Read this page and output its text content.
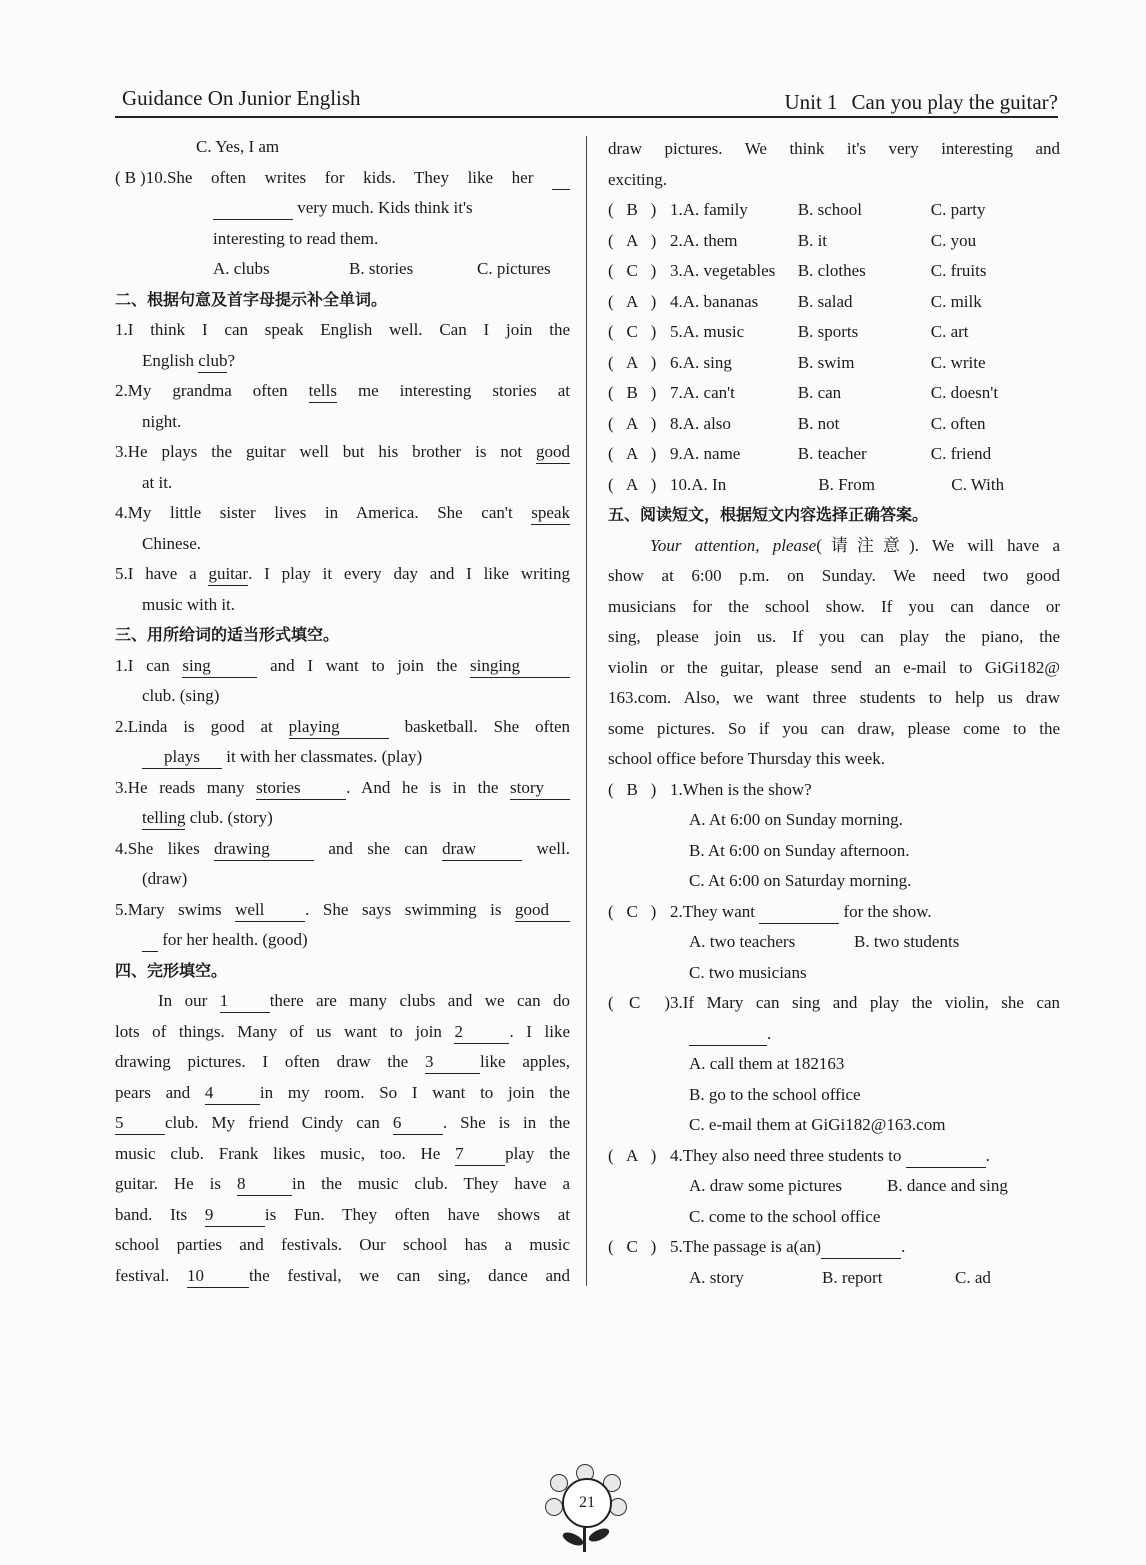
Guidance On Junior English	Unit 1 Can you play the guitar?
C. Yes, I am
( B )10.She often writes for kids. They like her
very much. Kids think it's
interesting to read them.
A. clubs	B. stories	C. pictures
二、根据句意及首字母提示补全单词。
1.I think I can speak English well. Can I join the
English club?
2.My grandma often tells me interesting stories at
night.
3.He plays the guitar well but his brother is not good
at it.
4.My little sister lives in America. She can't speak
Chinese.
5.I have a guitar. I play it every day and I like writing
music with it.
三、用所给词的适当形式填空。
1.I can sing	and I want to join the singing
club. (sing)
2.Linda is good at playing	basketball. She often
plays it with her classmates. (play)
3.He reads many stories	. And he is in the story
telling club. (story)
4.She likes drawing	and she can draw	well.
(draw)
5.Mary swims well . She says swimming is good
for her health. (good)
四、完形填空。
In our 1 there are many clubs and we can do
lots of things. Many of us want to join 2	. I like
drawing pictures. I often draw the 3	like apples,
pears and 4	in my room. So I want to join the
5 club. My friend Cindy can 6 . She is in the
music club. Frank likes music, too. He 7 play the
guitar. He is 8	in the music club. They have a
band. Its 9	is Fun. They often have shows at
school parties and festivals. Our school has a music
festival. 10	the festival, we can sing, dance and
draw pictures. We think it's very interesting and
exciting.
(  B  ) 1.A. family	B. school	C. party
(  A  ) 2.A. them	B. it	C. you
(  C  ) 3.A. vegetables B. clothes	C. fruits
(  A  ) 4.A. bananas B. salad	C. milk
(  C  ) 5.A. music	B. sports	C. art
(  A  ) 6.A. sing	B. swim	C. write
(  B  ) 7.A. can't	B. can	C. doesn't
(  A  ) 8.A. also	B. not	C. often
(  A  ) 9.A. name	B. teacher	C. friend
(  A  ) 10.A. In	B. From	C. With
五、阅读短文，根据短文内容选择正确答案。
Your attention, please(请注意). We will have a
show at 6:00 p.m. on Sunday. We need two good
musicians for the school show. If you can dance or
sing, please join us. If you can play the piano, the
violin or the guitar, please send an e-mail to GiGi182@
163.com. Also, we want three students to help us draw
some pictures. So if you can draw, please come to the
school office before Thursday this week.
(  B  ) 1.When is the show?
A. At 6:00 on Sunday morning.
B. At 6:00 on Sunday afternoon.
C. At 6:00 on Saturday morning.
(  C  ) 2.They want	for the show.
A. two teachers	B. two students
C. two musicians
(  C  )3.If Mary can sing and play the violin, she can
.
A. call them at 182163
B. go to the school office
C. e-mail them at GiGi182@163.com
(  A  ) 4.They also need three students to	.
A. draw some pictures	B. dance and sing
C. come to the school office
(  C  ) 5.The passage is a(an)	.
A. story	B. report	C. ad
21
